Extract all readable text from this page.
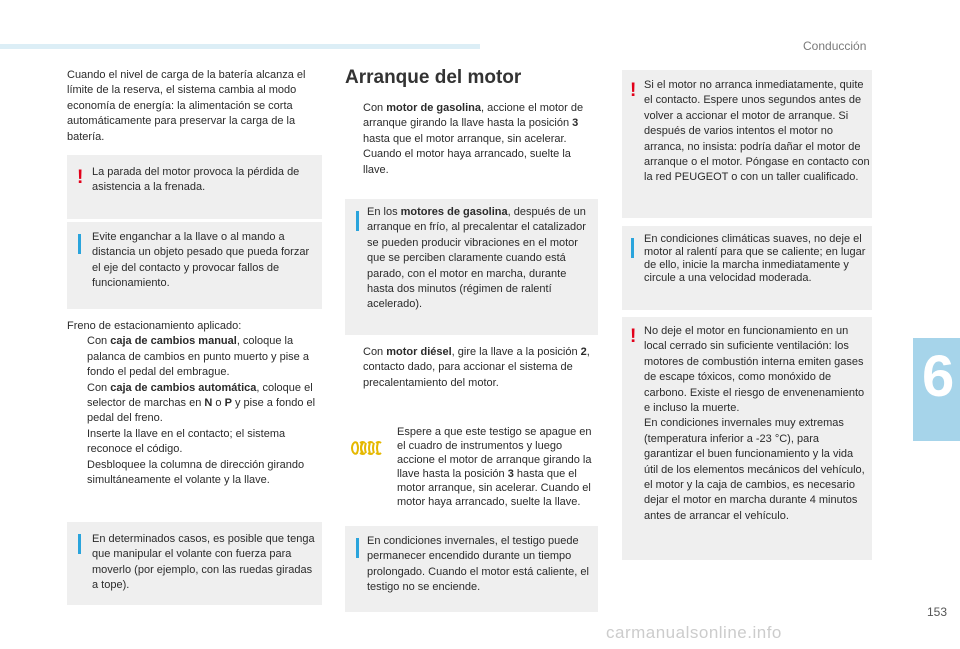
Conducción

Cuando el nivel de carga de la batería alcanza el límite de la reserva, el sistema cambia al modo economía de energía: la alimentación se corta automáticamente para preservar la carga de la batería.

! La parada del motor provoca la pérdida de asistencia a la frenada.
Evite enganchar a la llave o al mando a distancia un objeto pesado que pueda forzar el eje del contacto y provocar fallos de funcionamiento.

Freno de estacionamiento aplicado:

Con caja de cambios manual, coloque la palanca de cambios en punto muerto y pise a fondo el pedal del embrague.

Con caja de cambios automática, coloque el selector de marchas en N o P y pise a fondo el pedal del freno.

Inserte la llave en el contacto; el sistema reconoce el código.

Desbloquee la columna de dirección girando simultáneamente el volante y la llave.

En determinados casos, es posible que tenga que manipular el volante con fuerza para moverlo (por ejemplo, con las ruedas giradas a tope).
Arranque del motor

Con motor de gasolina, accione el motor de arranque girando la llave hasta la posición 3 hasta que el motor arranque, sin acelerar. Cuando el motor haya arrancado, suelte la llave.

En los motores de gasolina, después de un arranque en frío, al precalentar el catalizador se pueden producir vibraciones en el motor que se perciben claramente cuando está parado, con el motor en marcha, durante hasta dos minutos (régimen de ralentí acelerado).

Con motor diésel, gire la llave a la posición 2, contacto dado, para accionar el sistema de precalentamiento del motor.

Espere a que este testigo se apague en el cuadro de instrumentos y luego accione el motor de arranque girando la llave hasta la posición 3 hasta que el motor arranque, sin acelerar. Cuando el motor haya arrancado, suelte la llave.
En condiciones invernales, el testigo puede permanecer encendido durante un tiempo prolongado. Cuando el motor está caliente, el testigo no se enciende.
! Si el motor no arranca inmediatamente, quite el contacto. Espere unos segundos antes de volver a accionar el motor de arranque. Si después de varios intentos el motor no arranca, no insista: podría dañar el motor de arranque o el motor. Póngase en contacto con la red PEUGEOT o con un taller cualificado.
En condiciones climáticas suaves, no deje el motor al ralentí para que se caliente; en lugar de ello, inicie la marcha inmediatamente y circule a una velocidad moderada.
! No deje el motor en funcionamiento en un local cerrado sin suficiente ventilación: los motores de combustión interna emiten gases de escape tóxicos, como monóxido de carbono. Existe el riesgo de envenenamiento e incluso la muerte.

En condiciones invernales muy extremas (temperatura inferior a -23 °C), para garantizar el buen funcionamiento y la vida útil de los elementos mecánicos del vehículo, el motor y la caja de cambios, es necesario dejar el motor en marcha durante 4 minutos antes de arrancar el vehículo.

6
153
carmanualsonline.info
